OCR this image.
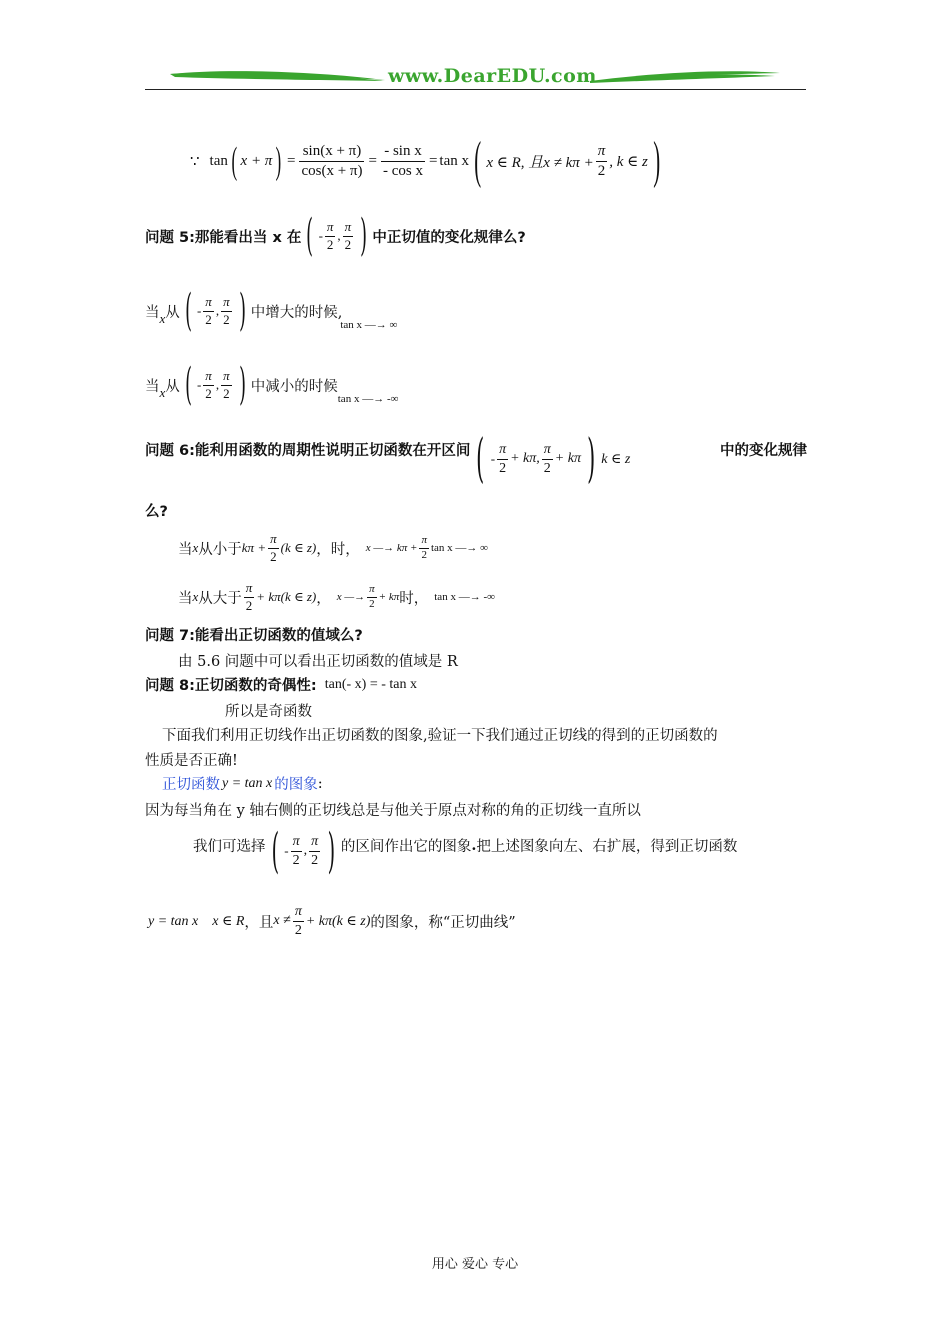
www.DearEDU.com
∵ tan ( x + π ) = $\frac{\sin(x + \pi)}{\cos(x + \pi)} = \frac{\text{- sin x}}{\text{- cos x}} = \tan x$ ( x ∈ R, 且$x \ne k\pi + \frac{\pi}{2}$ , k ∈ z )
问题 5:那能看出当 x 在 ( - $\frac{\pi}{2}$ , $\frac{\pi}{2}$ ) 中正切值的变化规律么?
当 x 从 ( - $\frac{\pi}{2}$ , $\frac{\pi}{2}$ ) 中增大的时候,
tan x —→ ∞
当 x 从 ( - $\frac{\pi}{2}$ , $\frac{\pi}{2}$ ) 中减小的时候
tan x —→ -∞
问题 6:能利用函数的周期性说明正切函数在开区间 ( - $\frac{\pi}{2} + k\pi$, $\frac{\pi}{2} + k\pi$ ) k ∈ z	中的变化规律
么?
当 x 从小于 $k\pi + \frac{\pi}{2} (k$ ∈ z) ，时， x —→ $k\pi + \frac{\pi}{2}$ tan x —→ ∞
当 x 从大于 $\frac{\pi}{2} + k\pi$ (k ∈ z) ， x —→ $\frac{\pi}{2} + k\pi$ 时， tan x —→ -∞
问题 7:能看出正切函数的值域么?
由 5.6 问题中可以看出正切函数的值域是 R
问题 8:正切函数的奇偶性: tan(- x) = - tan x
所以是奇函数
下面我们利用正切线作出正切函数的图象,验证一下我们通过正切线的得到的正切函数的
性质是否正确!
正切函数 y = tan x 的图象 :
因为每当角在 y 轴右侧的正切线总是与他关于原点对称的角的正切线一直所以
我们可选择 ( - $\frac{\pi}{2}$ , $\frac{\pi}{2}$ ) 的区间作出它的图象 . 把上述图象向左、右扩展，得到正切函数
y = tan x    x ∈ R ，且 $x \ne \frac{\pi}{2} + k\pi(k$ ∈ z) 的图象，称“正切曲线”
用心 爱心 专心
